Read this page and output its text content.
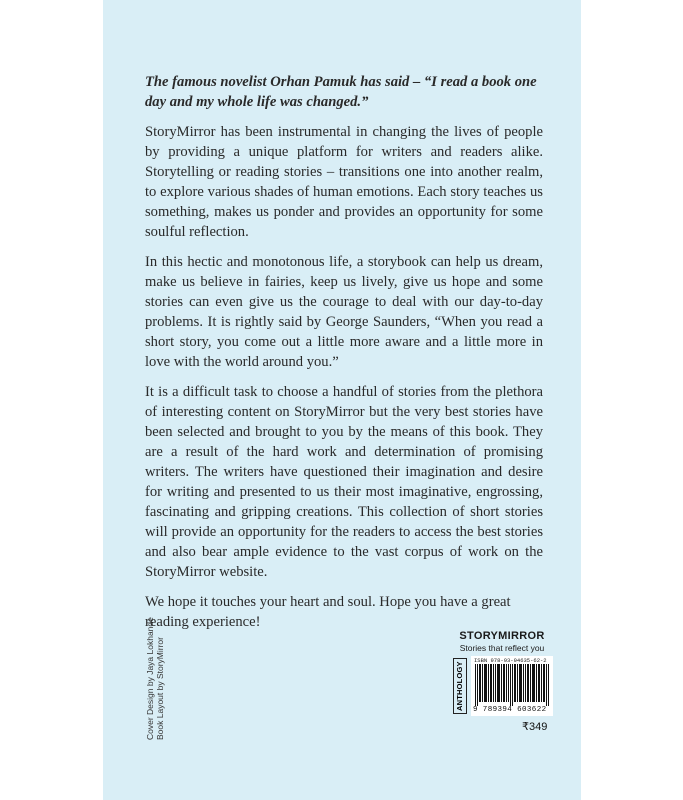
The famous novelist Orhan Pamuk has said – “I read a book one day and my whole life was changed.”

StoryMirror has been instrumental in changing the lives of people by providing a unique platform for writers and readers alike. Storytelling or reading stories – transitions one into another realm, to explore various shades of human emotions. Each story teaches us something, makes us ponder and provides an opportunity for some soulful reflection.

In this hectic and monotonous life, a storybook can help us dream, make us believe in fairies, keep us lively, give us hope and some stories can even give us the courage to deal with our day-to-day problems. It is rightly said by George Saunders, “When you read a short story, you come out a little more aware and a little more in love with the world around you.”

It is a difficult task to choose a handful of stories from the plethora of interesting content on StoryMirror but the very best stories have been selected and brought to you by the means of this book. They are a result of the hard work and determination of promising writers. The writers have questioned their imagination and desire for writing and presented to us their most imaginative, engrossing, fascinating and gripping creations. This collection of short stories will provide an opportunity for the readers to access the best stories and also bear ample evidence to the vast corpus of work on the StoryMirror website.

We hope it touches your heart and soul. Hope you have a great reading experience!

Cover Design by Jaya Lokhande Book Layout by StoryMirror
STORYMIRROR
Stories that reflect you
ANTHOLOGY
ISBN 978-93-94635-62-2
9 789394 603622
₹349
